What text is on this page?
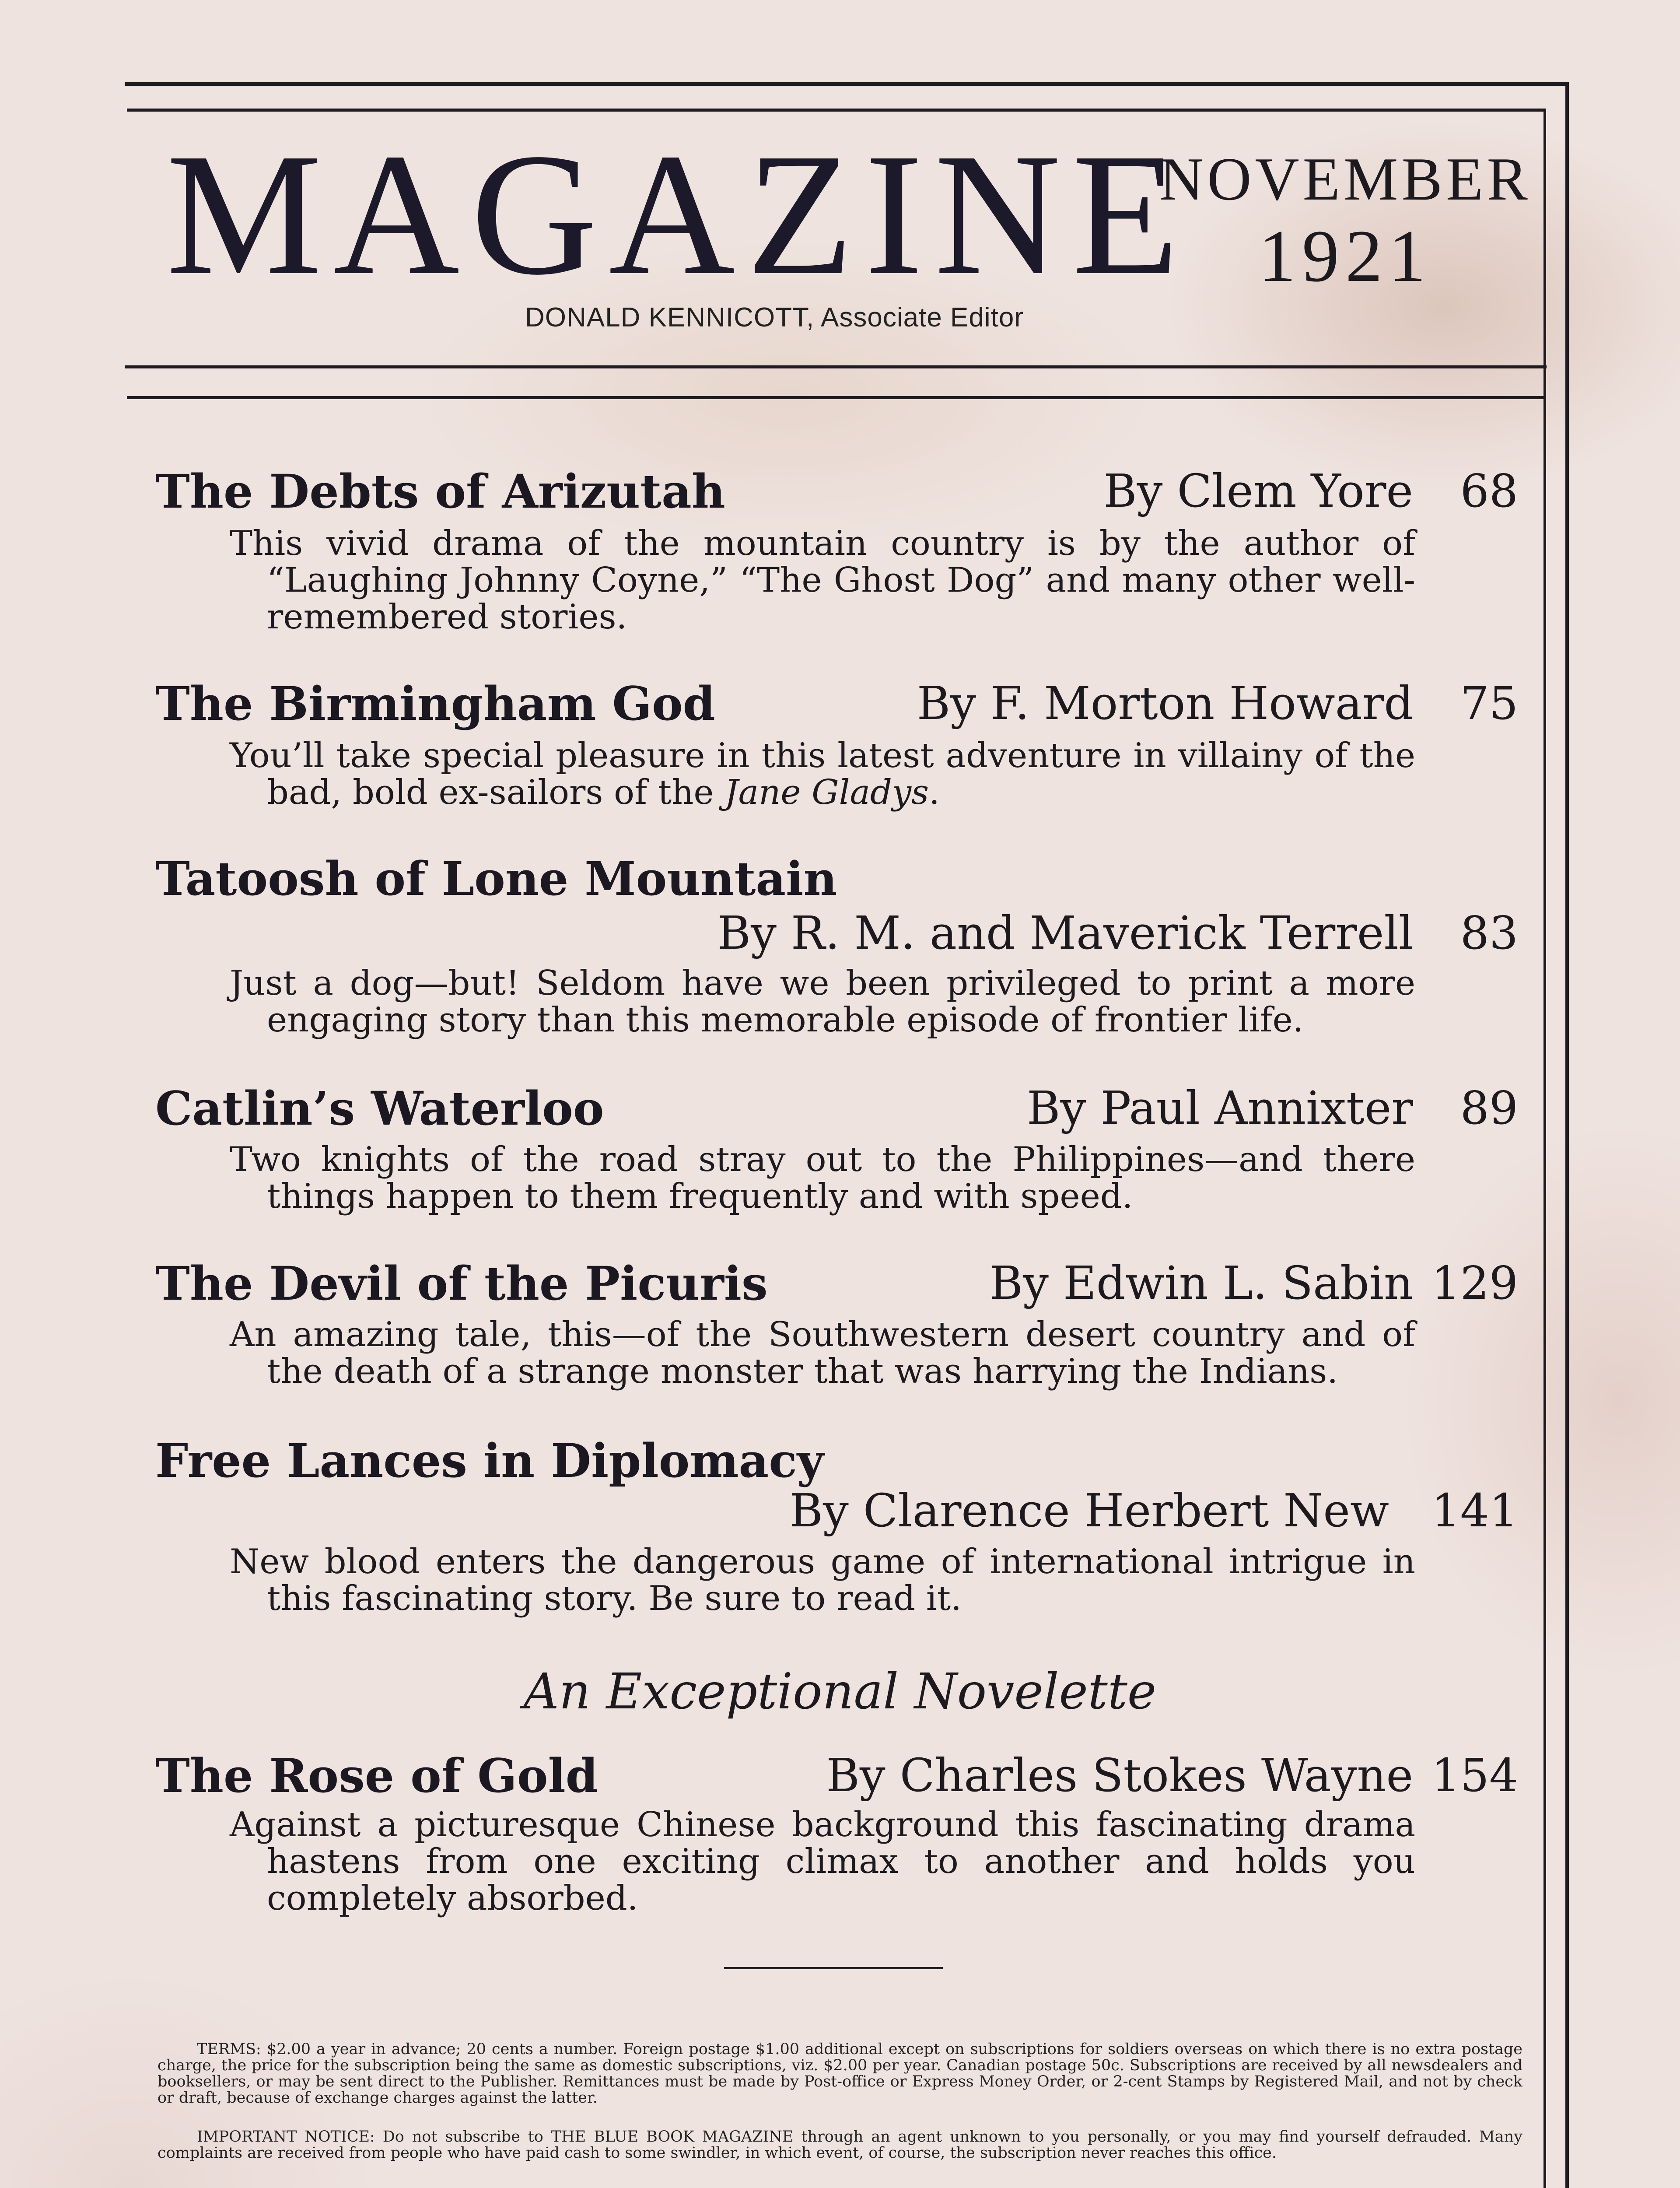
MAGAZINE
NOVEMBER
1921
DONALD KENNICOTT, Associate Editor
The Debts of Arizutah	By Clem Yore 68
This vivid drama of the mountain country is by the author of “Laughing Johnny Coyne,” “The Ghost Dog” and many other well-remembered stories.
The Birmingham God	By F. Morton Howard 75
You’ll take special pleasure in this latest adventure in villainy of the bad, bold ex-sailors of the Jane Gladys.
Tatoosh of Lone Mountain
By R. M. and Maverick Terrell 83
Just a dog—but! Seldom have we been privileged to print a more engaging story than this memorable episode of frontier life.
Catlin’s Waterloo	By Paul Annixter 89
Two knights of the road stray out to the Philippines—and there things happen to them frequently and with speed.
The Devil of the Picuris	By Edwin L. Sabin 129
An amazing tale, this—of the Southwestern desert country and of the death of a strange monster that was harrying the Indians.
Free Lances in Diplomacy
By Clarence Herbert New 141
New blood enters the dangerous game of international intrigue in this fascinating story. Be sure to read it.
An Exceptional Novelette
The Rose of Gold	By Charles Stokes Wayne 154
Against a picturesque Chinese background this fascinating drama hastens from one exciting climax to another and holds you completely absorbed.
TERMS: $2.00 a year in advance; 20 cents a number. Foreign postage $1.00 additional except on subscriptions for soldiers overseas on which there is no extra postage charge, the price for the subscription being the same as domestic subscriptions, viz. $2.00 per year. Canadian postage 50c. Subscriptions are received by all newsdealers and booksellers, or may be sent direct to the Publisher. Remittances must be made by Post-office or Express Money Order, or 2-cent Stamps by Registered Mail, and not by check or draft, because of exchange charges against the latter.
IMPORTANT NOTICE: Do not subscribe to THE BLUE BOOK MAGAZINE through an agent unknown to you personally, or you may find yourself defrauded. Many complaints are received from people who have paid cash to some swindler, in which event, of course, the subscription never reaches this office.
